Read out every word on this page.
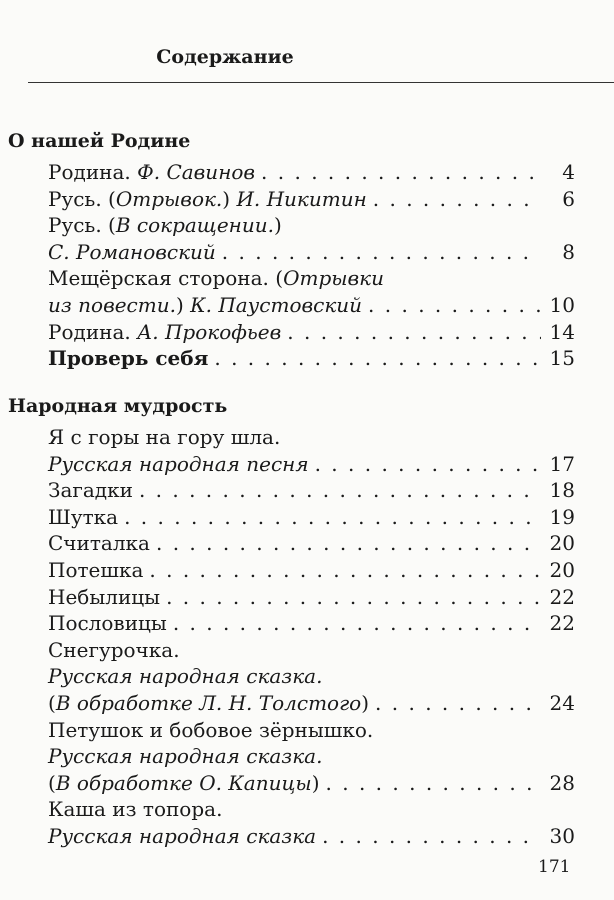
Содержание
О нашей Родине
Родина. Ф. Савинов . . .	4
Русь. (Отрывок.) И. Никитин . . .	6
Русь. (В сокращении.)
С. Романовский . . .	8
Мещёрская сторона. (Отрывки
из повести.) К. Паустовский . . .	10
Родина. А. Прокофьев . . .	14
Проверь себя . . .	15
Народная мудрость
Я с горы на гору шла.
Русская народная песня . . .	17
Загадки . . .	18
Шутка . . .	19
Считалка . . .	20
Потешка . . .	20
Небылицы . . .	22
Пословицы . . .	22
Снегурочка.
Русская народная сказка.
(В обработке Л. Н. Толстого) . . .	24
Петушок и бобовое зёрнышко.
Русская народная сказка.
(В обработке О. Капицы) . . .	28
Каша из топора.
Русская народная сказка . . .	30
171
